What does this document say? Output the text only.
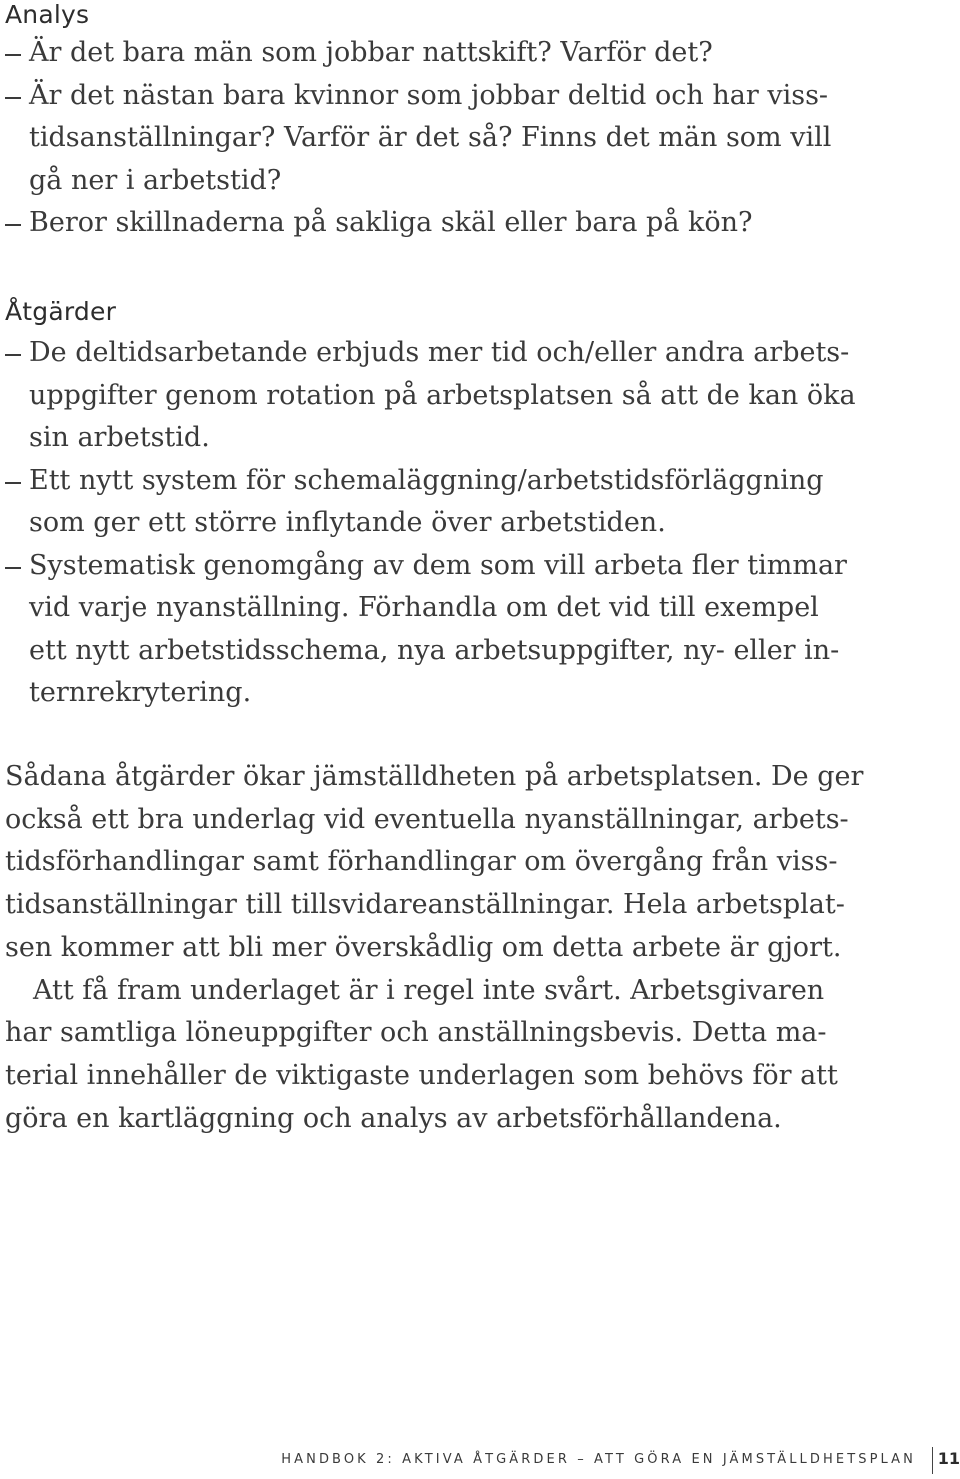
Analys
Är det bara män som jobbar nattskift? Varför det?
Är det nästan bara kvinnor som jobbar deltid och har viss-
tidsanställningar? Varför är det så? Finns det män som vill
gå ner i arbetstid?
Beror skillnaderna på sakliga skäl eller bara på kön?
Åtgärder
De deltidsarbetande erbjuds mer tid och/eller andra arbets-
uppgifter genom rotation på arbetsplatsen så att de kan öka
sin arbetstid.
Ett nytt system för schemaläggning/arbetstidsförläggning
som ger ett större inflytande över arbetstiden.
Systematisk genomgång av dem som vill arbeta fler timmar
vid varje nyanställning. Förhandla om det vid till exempel
ett nytt arbetstidsschema, nya arbetsuppgifter, ny- eller in-
ternrekrytering.
Sådana åtgärder ökar jämställdheten på arbetsplatsen. De ger
också ett bra underlag vid eventuella nyanställningar, arbets-
tidsförhandlingar samt förhandlingar om övergång från viss-
tidsanställningar till tillsvidareanställningar. Hela arbetsplat-
sen kommer att bli mer överskådlig om detta arbete är gjort.
Att få fram underlaget är i regel inte svårt. Arbetsgivaren
har samtliga löneuppgifter och anställningsbevis. Detta ma-
terial innehåller de viktigaste underlagen som behövs för att
göra en kartläggning och analys av arbetsförhållandena.
HANDBOK 2: AKTIVA ÅTGÄRDER – ATT GÖRA EN JÄMSTÄLLDHETSPLAN 11
